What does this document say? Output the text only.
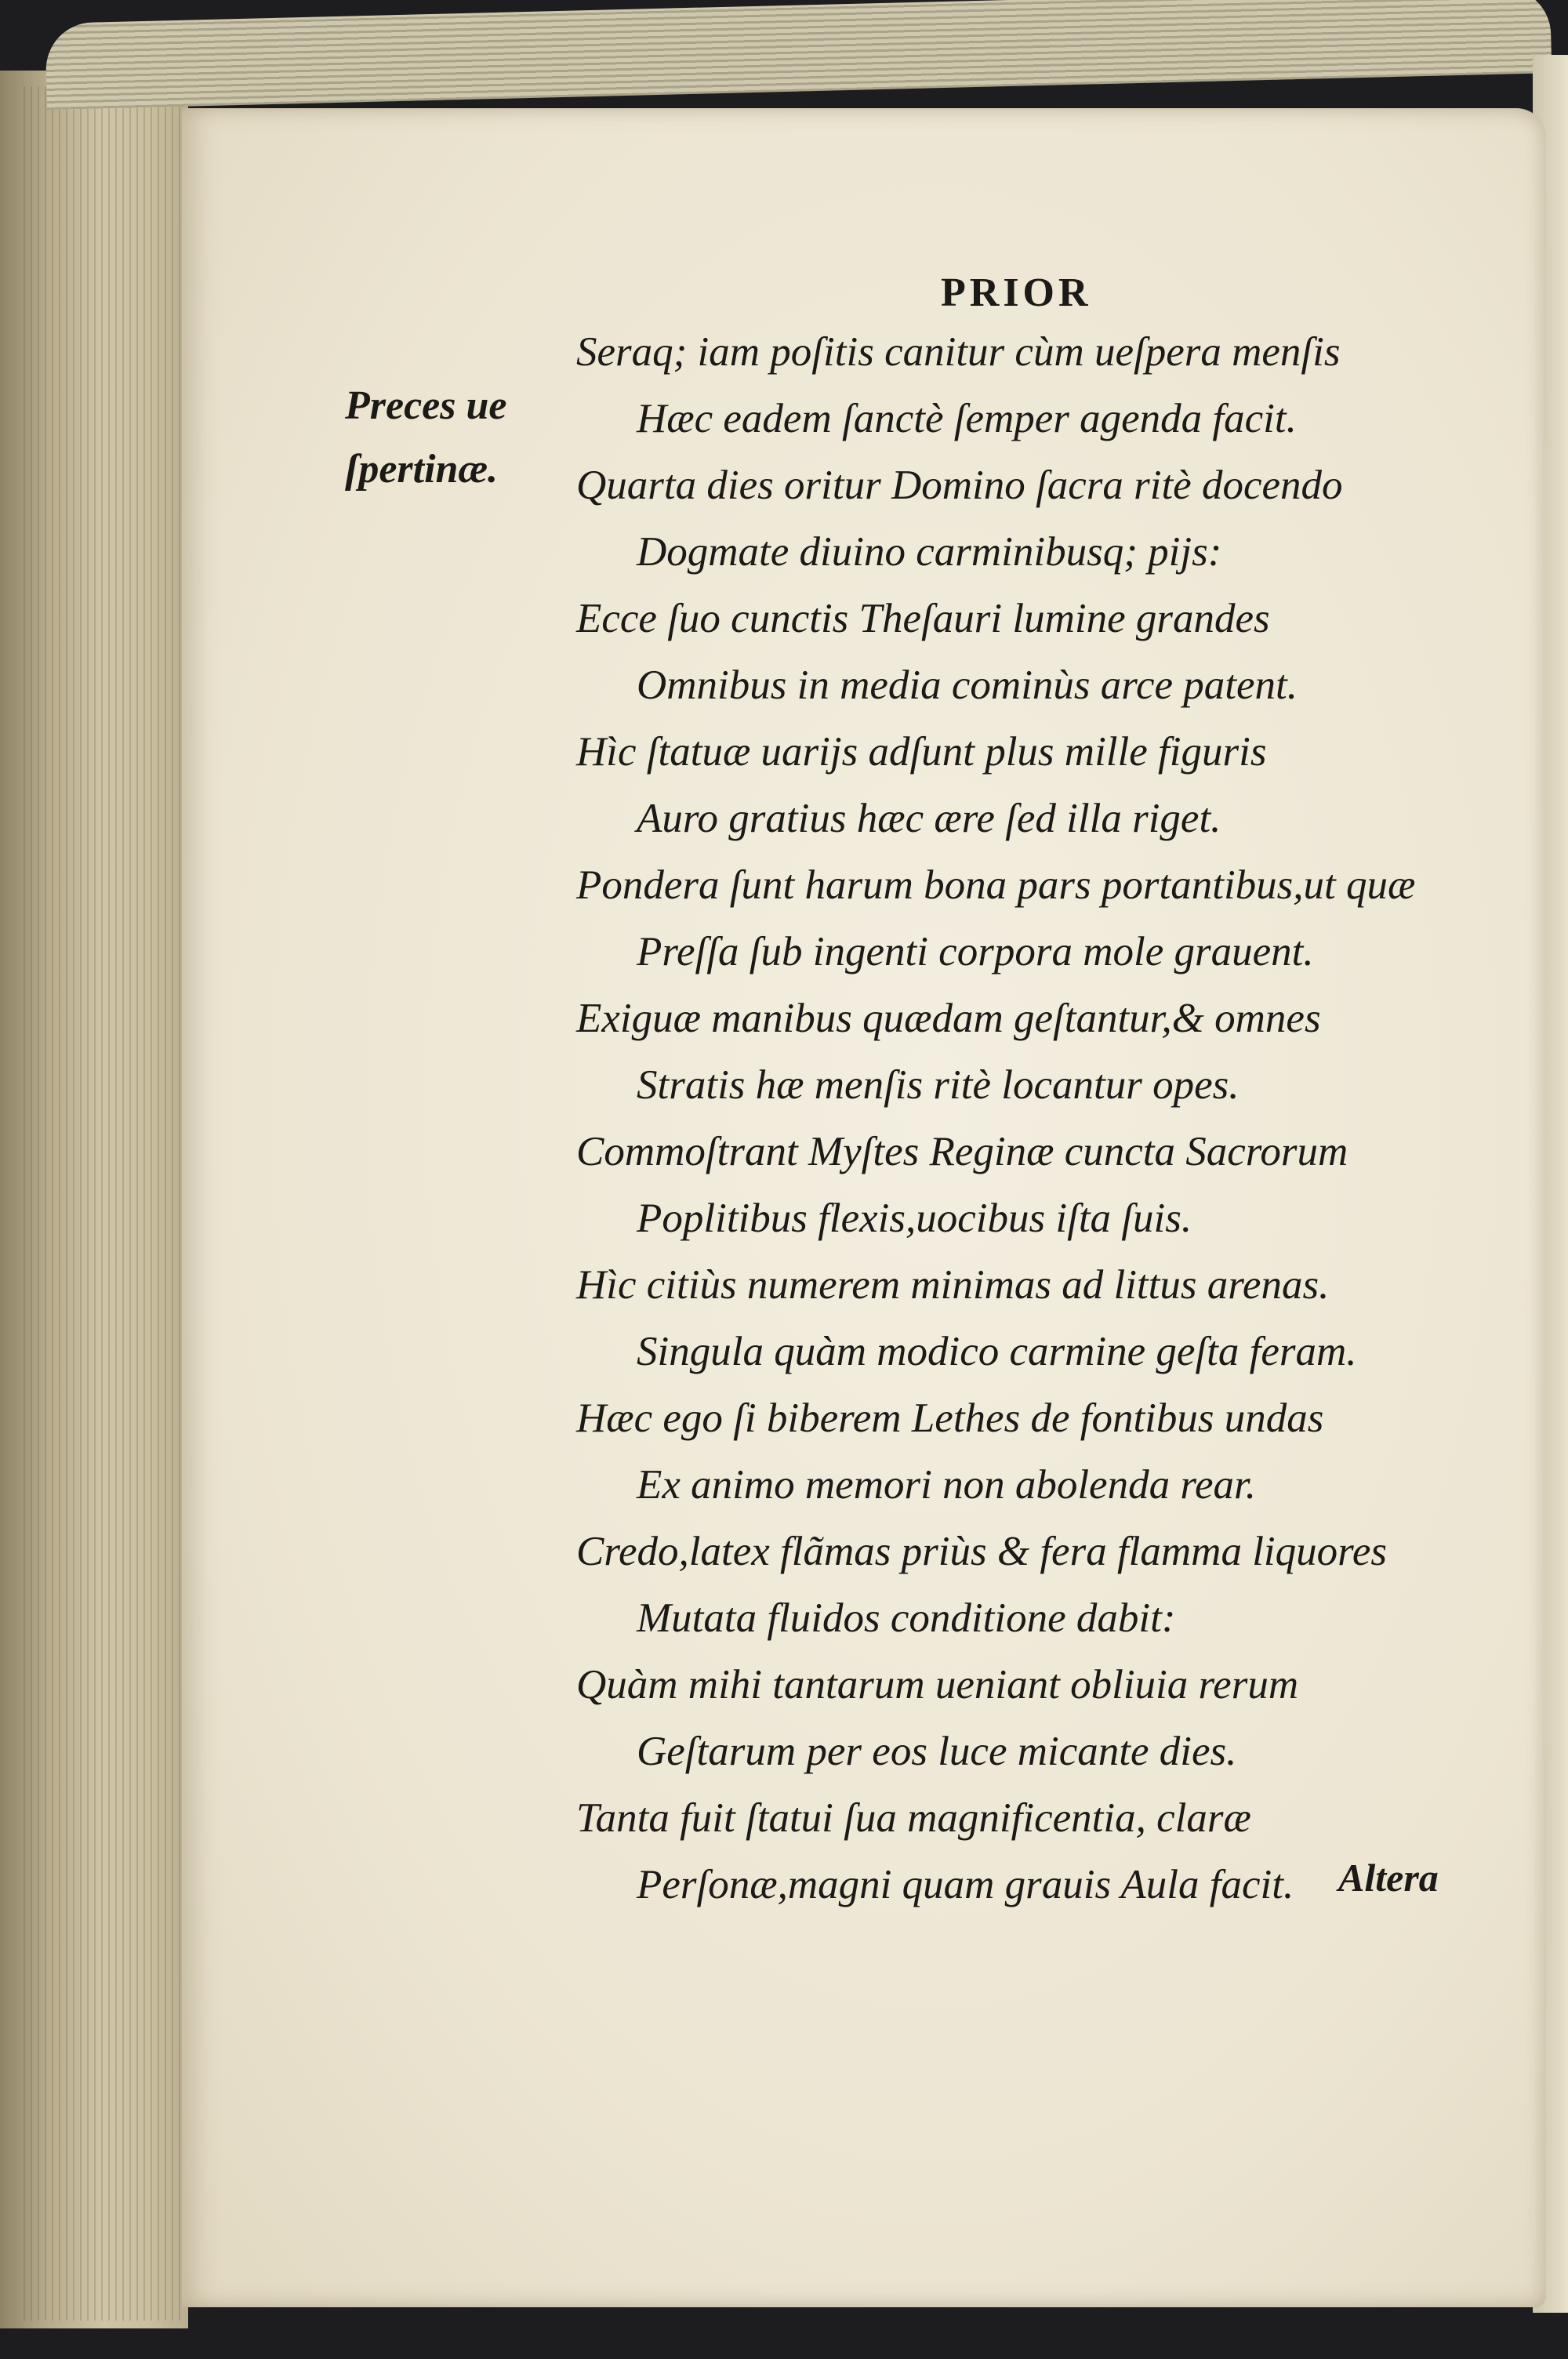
PRIOR
Preces ue
ſpertinæ.
Seraq; iam poſitis canitur cùm ueſpera menſis
Hæc eadem ſanctè ſemper agenda facit.
Quarta dies oritur Domino ſacra ritè docendo
Dogmate diuino carminibusq; pijs:
Ecce ſuo cunctis Theſauri lumine grandes
Omnibus in media cominùs arce patent.
Hìc ſtatuæ uarijs adſunt plus mille figuris
Auro gratius hæc ære ſed illa riget.
Pondera ſunt harum bona pars portantibus,ut quæ
Preſſa ſub ingenti corpora mole grauent.
Exiguæ manibus quædam geſtantur,& omnes
Stratis hæ menſis ritè locantur opes.
Commoſtrant Myſtes Reginæ cuncta Sacrorum
Poplitibus flexis,uocibus iſta ſuis.
Hìc citiùs numerem minimas ad littus arenas.
Singula quàm modico carmine geſta feram.
Hæc ego ſi biberem Lethes de fontibus undas
Ex animo memori non abolenda rear.
Credo,latex flãmas priùs & fera flamma liquores
Mutata fluidos conditione dabit:
Quàm mihi tantarum ueniant obliuia rerum
Geſtarum per eos luce micante dies.
Tanta fuit ſtatui ſua magnificentia, claræ
Perſonæ,magni quam grauis Aula facit. Altera
